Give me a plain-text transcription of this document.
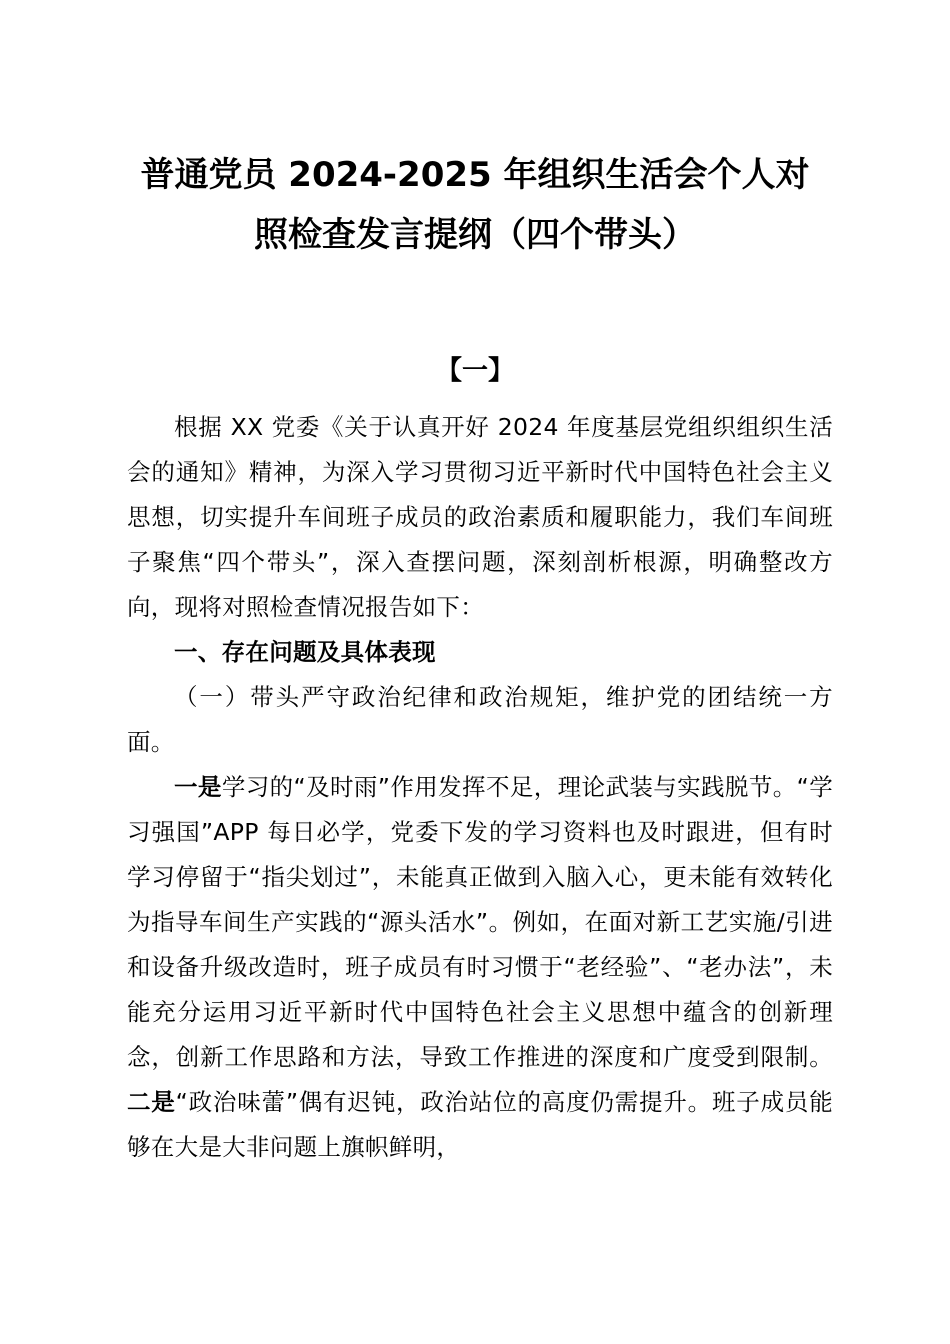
普通党员 2024-2025 年组织生活会个人对
照检查发言提纲（四个带头）
【一】

根据 XX 党委《关于认真开好 2024 年度基层党组织组织生活会的通知》精神，为深入学习贯彻习近平新时代中国特色社会主义思想，切实提升车间班子成员的政治素质和履职能力，我们车间班子聚焦“四个带头”，深入查摆问题，深刻剖析根源，明确整改方向，现将对照检查情况报告如下：

一、存在问题及具体表现

（一）带头严守政治纪律和政治规矩，维护党的团结统一方面。

一是学习的“及时雨”作用发挥不足，理论武装与实践脱节。“学习强国”APP 每日必学，党委下发的学习资料也及时跟进，但有时学习停留于“指尖划过”，未能真正做到入脑入心，更未能有效转化为指导车间生产实践的“源头活水”。例如，在面对新工艺实施/引进和设备升级改造时，班子成员有时习惯于“老经验”、“老办法”，未能充分运用习近平新时代中国特色社会主义思想中蕴含的创新理念，创新工作思路和方法，导致工作推进的深度和广度受到限制。二是“政治味蕾”偶有迟钝，政治站位的高度仍需提升。班子成员能够在大是大非问题上旗帜鲜明，
